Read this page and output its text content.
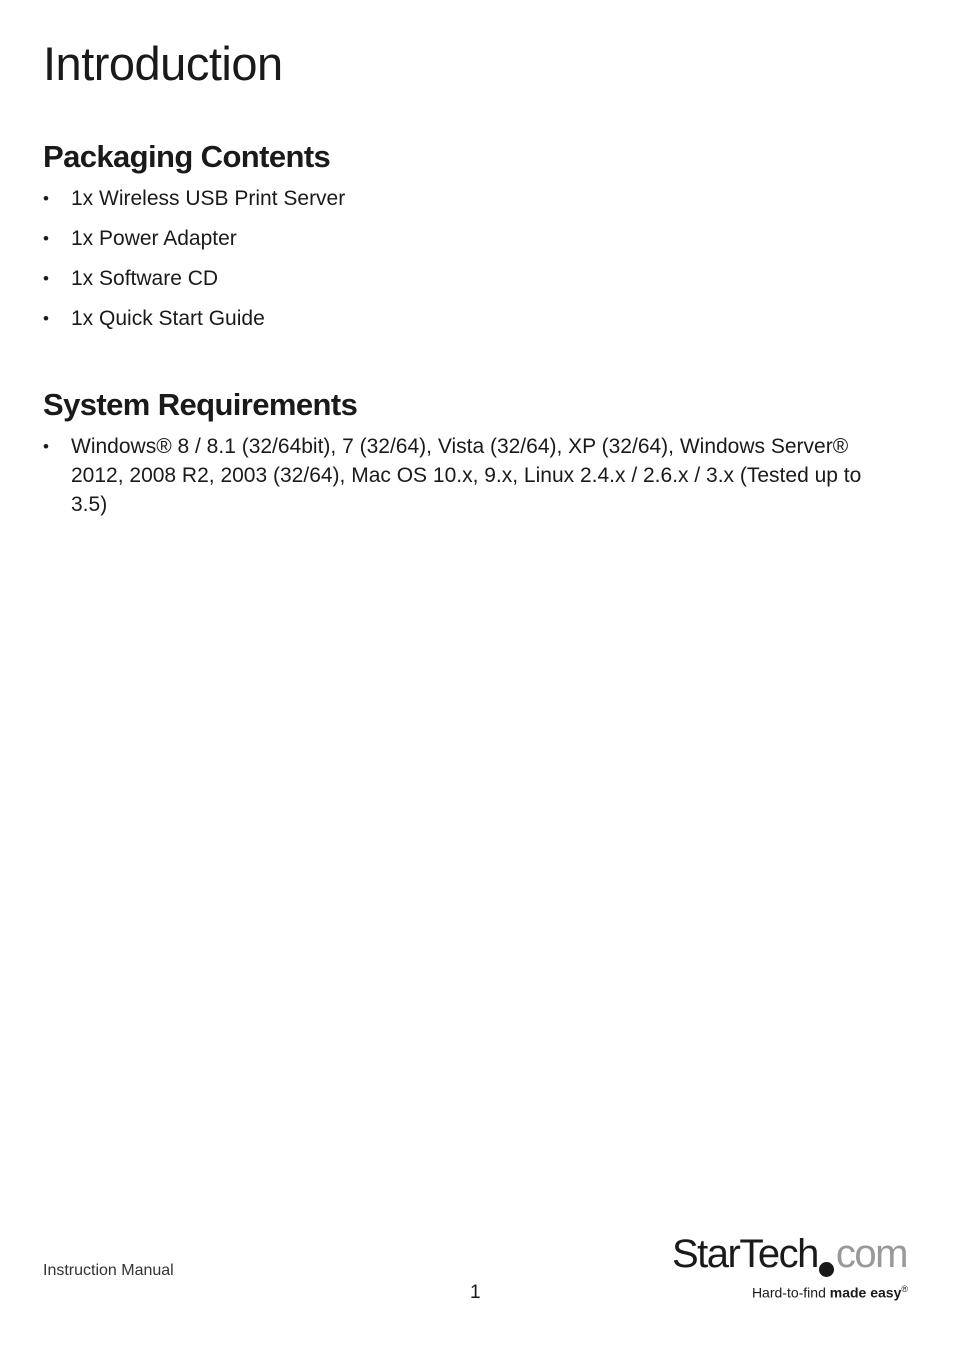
Introduction
Packaging Contents
• 1x Wireless USB Print Server
• 1x Power Adapter
• 1x Software CD
• 1x Quick Start Guide
System Requirements
• Windows® 8 / 8.1 (32/64bit), 7 (32/64), Vista (32/64), XP (32/64), Windows Server® 2012, 2008 R2, 2003 (32/64), Mac OS 10.x, 9.x, Linux 2.4.x / 2.6.x / 3.x (Tested up to 3.5)
Instruction Manual
1
StarTech com
Hard-to-find made easy®
